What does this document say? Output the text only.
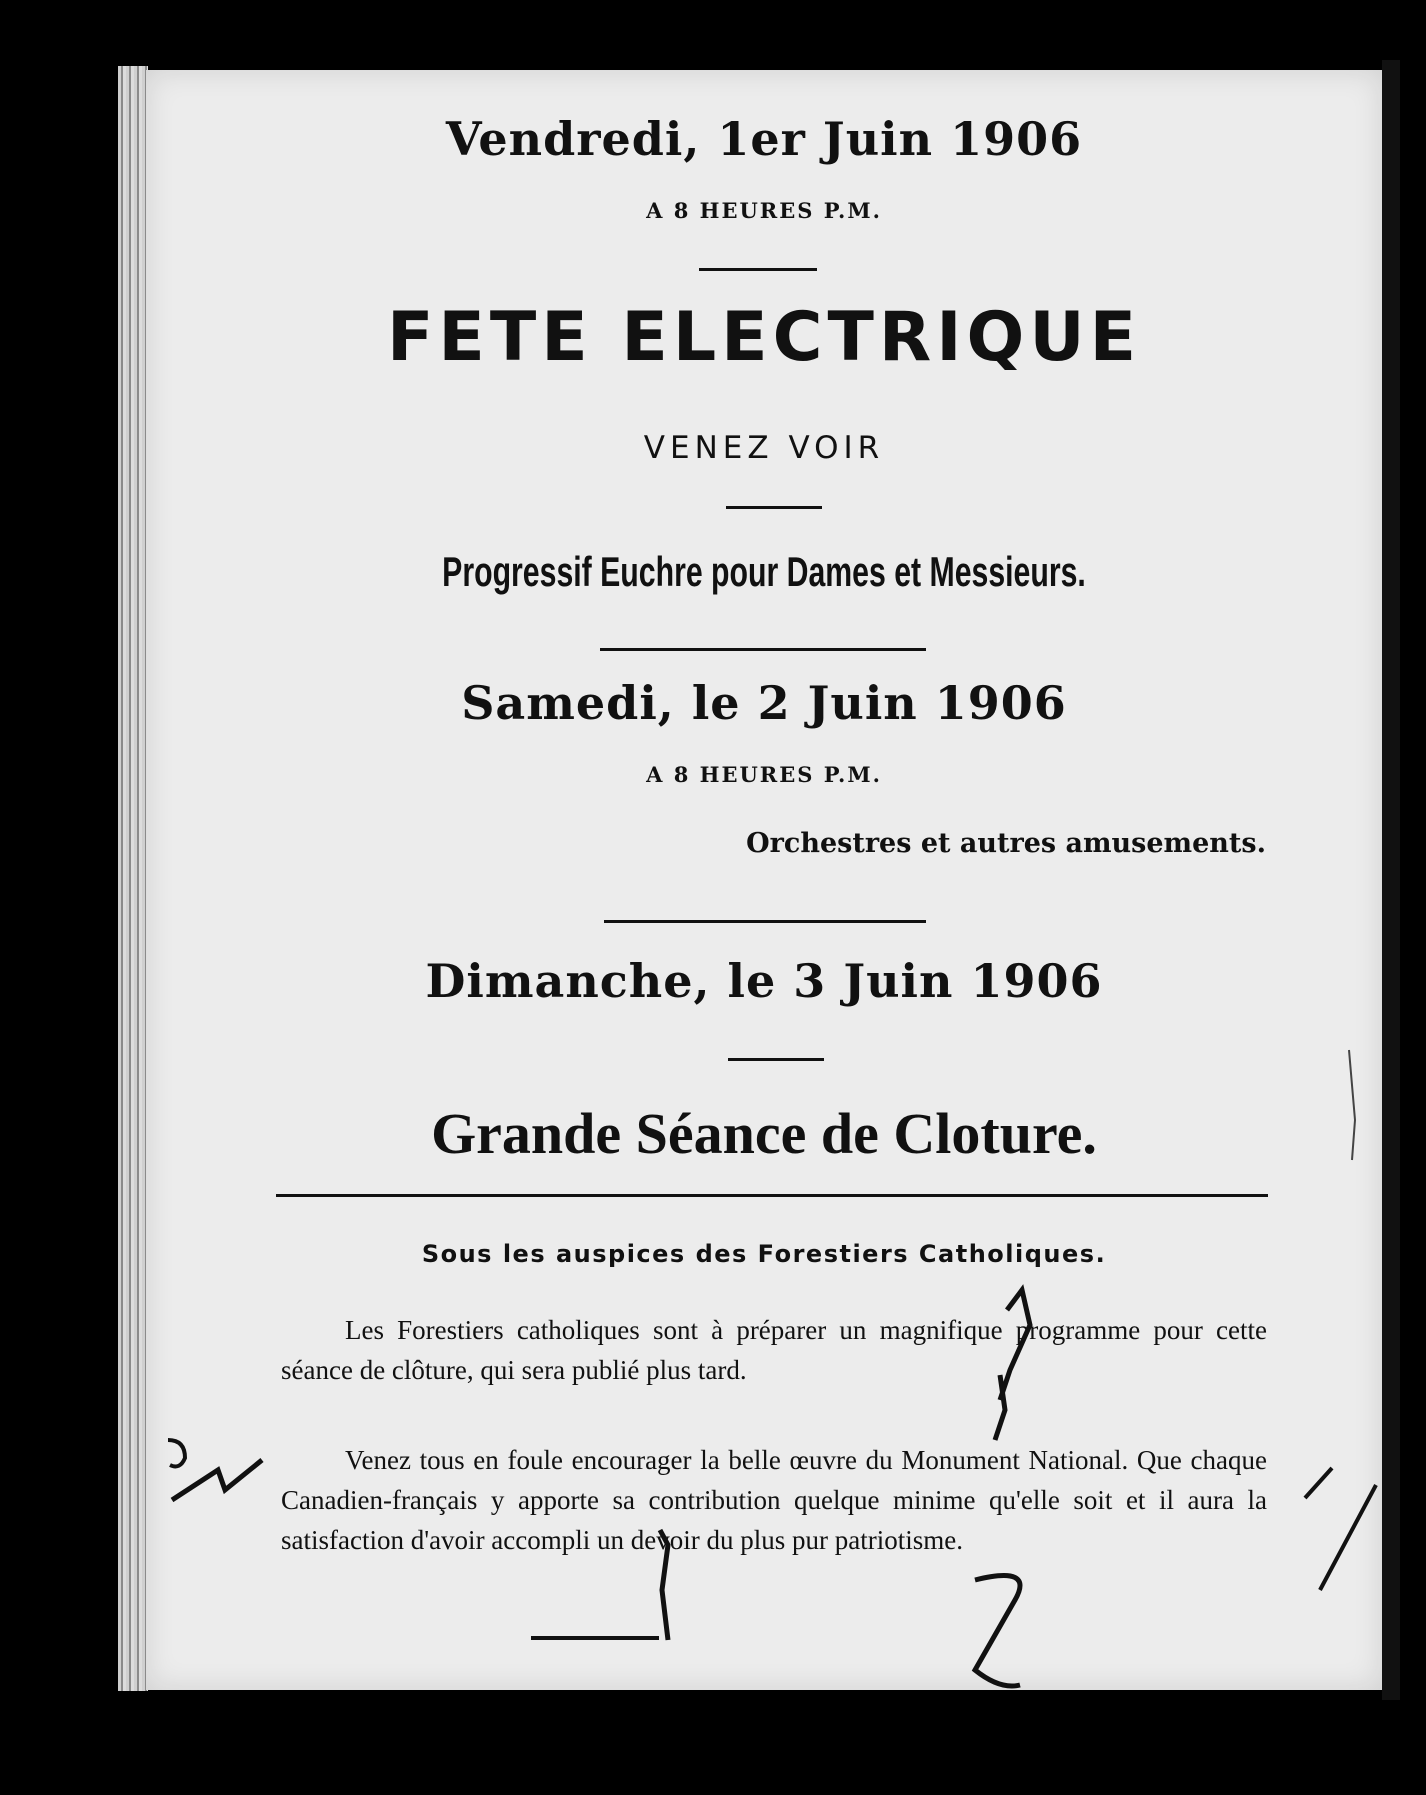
Vendredi, 1er Juin 1906
A 8 HEURES P.M.
FETE ELECTRIQUE
VENEZ VOIR
Progressif Euchre pour Dames et Messieurs.
Samedi, le 2 Juin 1906
A 8 HEURES P.M.
Orchestres et autres amusements.
Dimanche, le 3 Juin 1906
Grande Séance de Cloture.
Sous les auspices des Forestiers Catholiques.

Les Forestiers catholiques sont à préparer un magnifique programme pour cette séance de clôture, qui sera publié plus tard.

Venez tous en foule encourager la belle œuvre du Monument National. Que chaque Canadien-français y apporte sa contribution quelque minime qu'elle soit et il aura la satisfaction d'avoir accompli un devoir du plus pur patriotisme.
